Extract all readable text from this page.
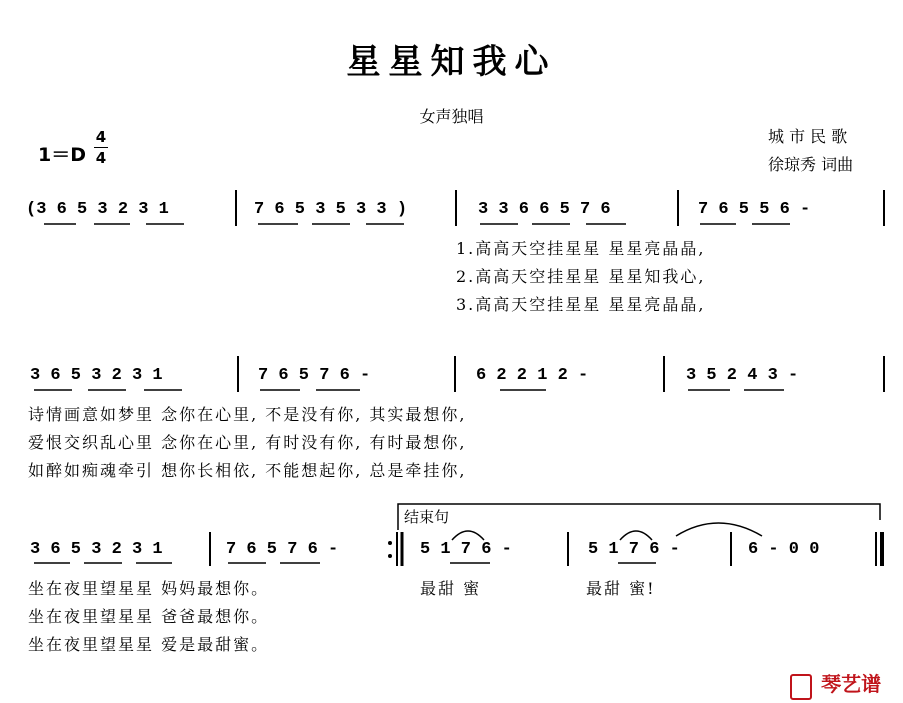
星星知我心
女声独唱
1＝D
4
4
城 市 民 歌
徐琼秀 词曲
(3 6 5 3 2 3 1	7 6 5 3 5 3 3 )	3 3 6 6 5 7 6	7 6 5 5 6 -
1.高高天空挂星星 星星亮晶晶,
2.高高天空挂星星 星星知我心,
3.高高天空挂星星 星星亮晶晶,
3 6 5 3 2 3 1	7 6 5 7 6 -	6 2 2 1 2 -	3 5 2 4 3 -
诗情画意如梦里 念你在心里, 不是没有你, 其实最想你,
爱恨交织乱心里 念你在心里, 有时没有你, 有时最想你,
如醉如痴魂牵引 想你长相依, 不能想起你, 总是牵挂你,
结束句
3 6 5 3 2 3 1	7 6 5 7 6 -	5 1 7 6 -	5 1 7 6 -	6 - 0 0
坐在夜里望星星 妈妈最想你。
坐在夜里望星星 爸爸最想你。
坐在夜里望星星 爱是最甜蜜。
最甜 蜜	最甜 蜜!
琴艺谱
